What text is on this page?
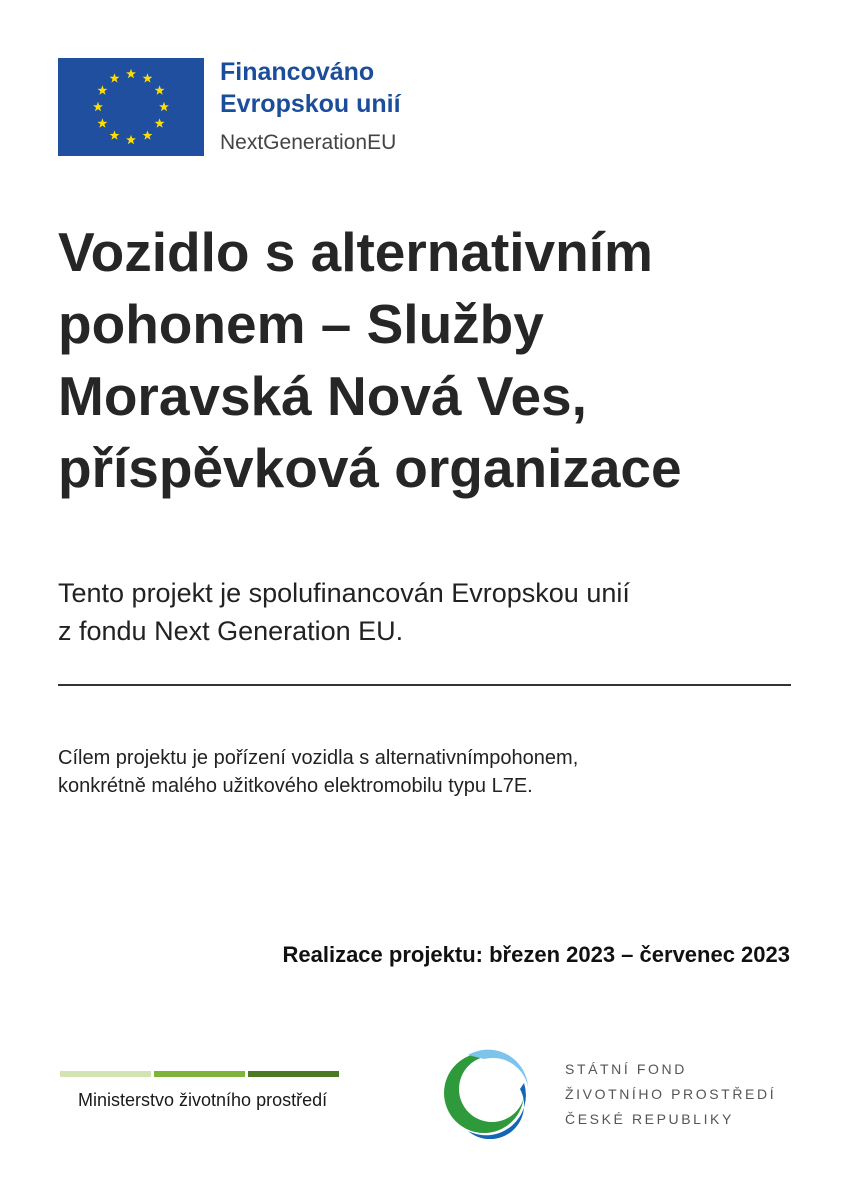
Financováno
Evropskou unií
NextGenerationEU
Vozidlo s alternativním
pohonem – Služby
Moravská Nová Ves,
příspěvková organizace
Tento projekt je spolufinancován Evropskou unií
z fondu Next Generation EU.
Cílem projektu je pořízení vozidla s alternativnímpohonem,
konkrétně malého užitkového elektromobilu typu L7E.
Realizace projektu: březen 2023 – červenec 2023
Ministerstvo životního prostředí
STÁTNÍ FOND
ŽIVOTNÍHO PROSTŘEDÍ
ČESKÉ REPUBLIKY
